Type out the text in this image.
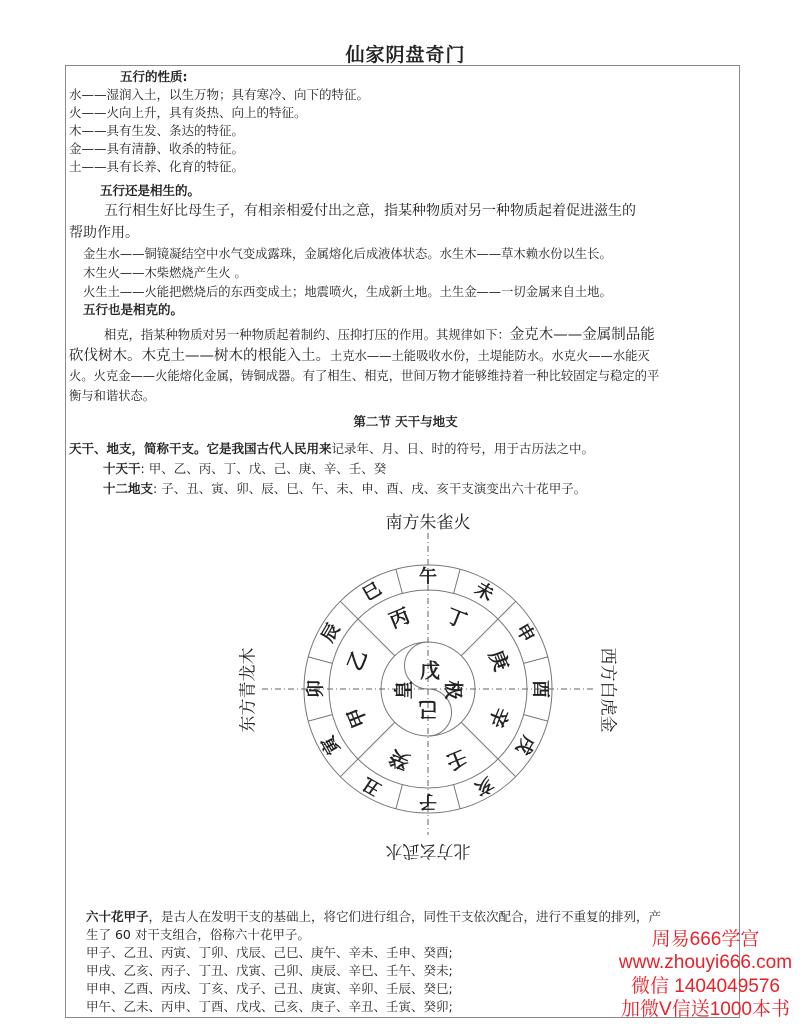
仙家阴盘奇门
五行的性质:
水——湿润入土，以生万物；具有寒冷、向下的特征。
火——火向上升，具有炎热、向上的特征。
木——具有生发、条达的特征。
金——具有清静、收杀的特征。
土——具有长养、化育的特征。
五行还是相生的。
五行相生好比母生子，有相亲相爱付出之意，指某种物质对另一种物质起着促进滋生的
帮助作用。
金生水——铜镜凝结空中水气变成露珠，金属熔化后成液体状态。水生木——草木赖水份以生长。
木生火——木柴燃烧产生火 。
火生土——火能把燃烧后的东西变成土；地震喷火，生成新土地。土生金——一切金属来自土地。
五行也是相克的。
相克，指某种物质对另一种物质起着制约、压抑打压的作用。其规律如下：金克木——金属制品能
砍伐树木。木克土——树木的根能入土。土克水——土能吸收水份，土堤能防水。水克火——水能灭
火。火克金——火能熔化金属，铸铜成器。有了相生、相克，世间万物才能够维持着一种比较固定与稳定的平
衡与和谐状态。
第二节 天干与地支
天干、地支，简称干支。它是我国古代人民用来记录年、月、日、时的符号，用于古历法之中。
十天干: 甲、乙、丙、丁、戊、己、庚、辛、壬、癸
十二地支: 子、丑、寅、卯、辰、巳、午、未、申、酉、戌、亥干支演变出六十花甲子。
南方朱雀火
北方玄武水
东方青龙木	西方白虎金
丙 丁
庚
辛
壬
癸
甲
乙
午
未
申
酉
戌
亥
子
丑
寅
卯
辰
巳
戊
己
皇 极
六十花甲子，是古人在发明干支的基础上，将它们进行组合，同性干支依次配合，进行不重复的排列，产
生了 60 对干支组合，俗称六十花甲子。
甲子、乙丑、丙寅、丁卯、戊辰、己巳、庚午、辛未、壬申、癸酉;
甲戌、乙亥、丙子、丁丑、戊寅、己卯、庚辰、辛巳、壬午、癸未;
甲申、乙酉、丙戌、丁亥、戊子、己丑、庚寅、辛卯、壬辰、癸巳;
甲午、乙未、丙申、丁酉、戊戌、己亥、庚子、辛丑、壬寅、癸卯;
周易666学宫
www.zhouyi666.com
微信 1404049576
加微V信送1000本书
